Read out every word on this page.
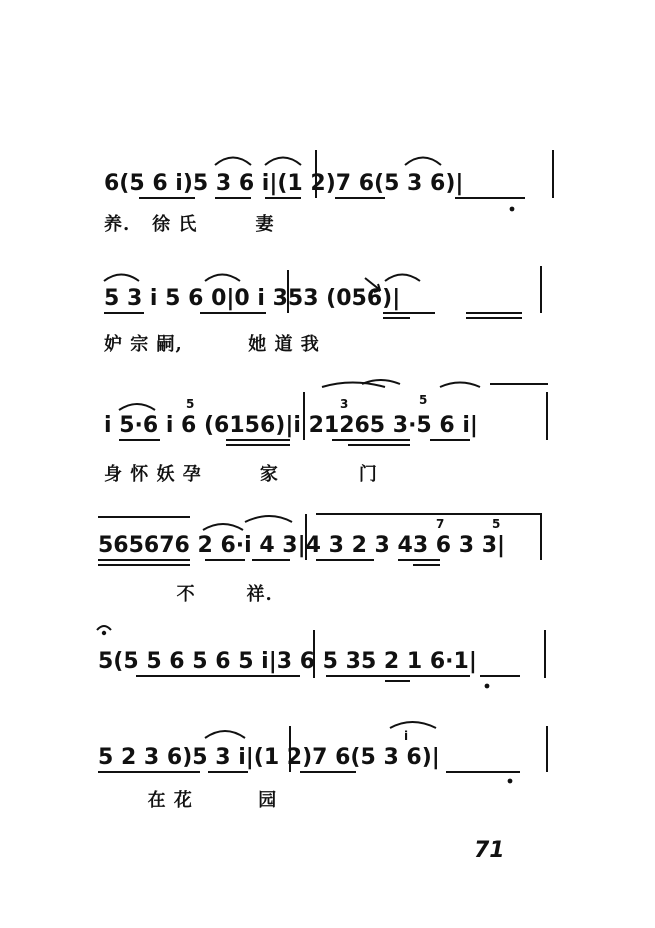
6(5 6 i)5 3 6 i|(1 2)7 6(5 3 6)|
5 3 i 5 6 0|0 i 353 (056)|
i 5·6 i 6 (6156)|i 21265 3·5 6 i|
5	3	5
565676 2 6·i 4 3|4 3 2 3 43 6 3 3|
7	5
5(5 5 6 5 6 5 i|3 6 5 35 2 1 6·1|
5 2 3 6)5 3 i|(1 2)7 6(5 3 6)|
i
养.   徐 氏        妻
妒 宗 嗣,         她 道 我
身 怀 妖 孕        家           门
不       祥.
在 花         园
71
